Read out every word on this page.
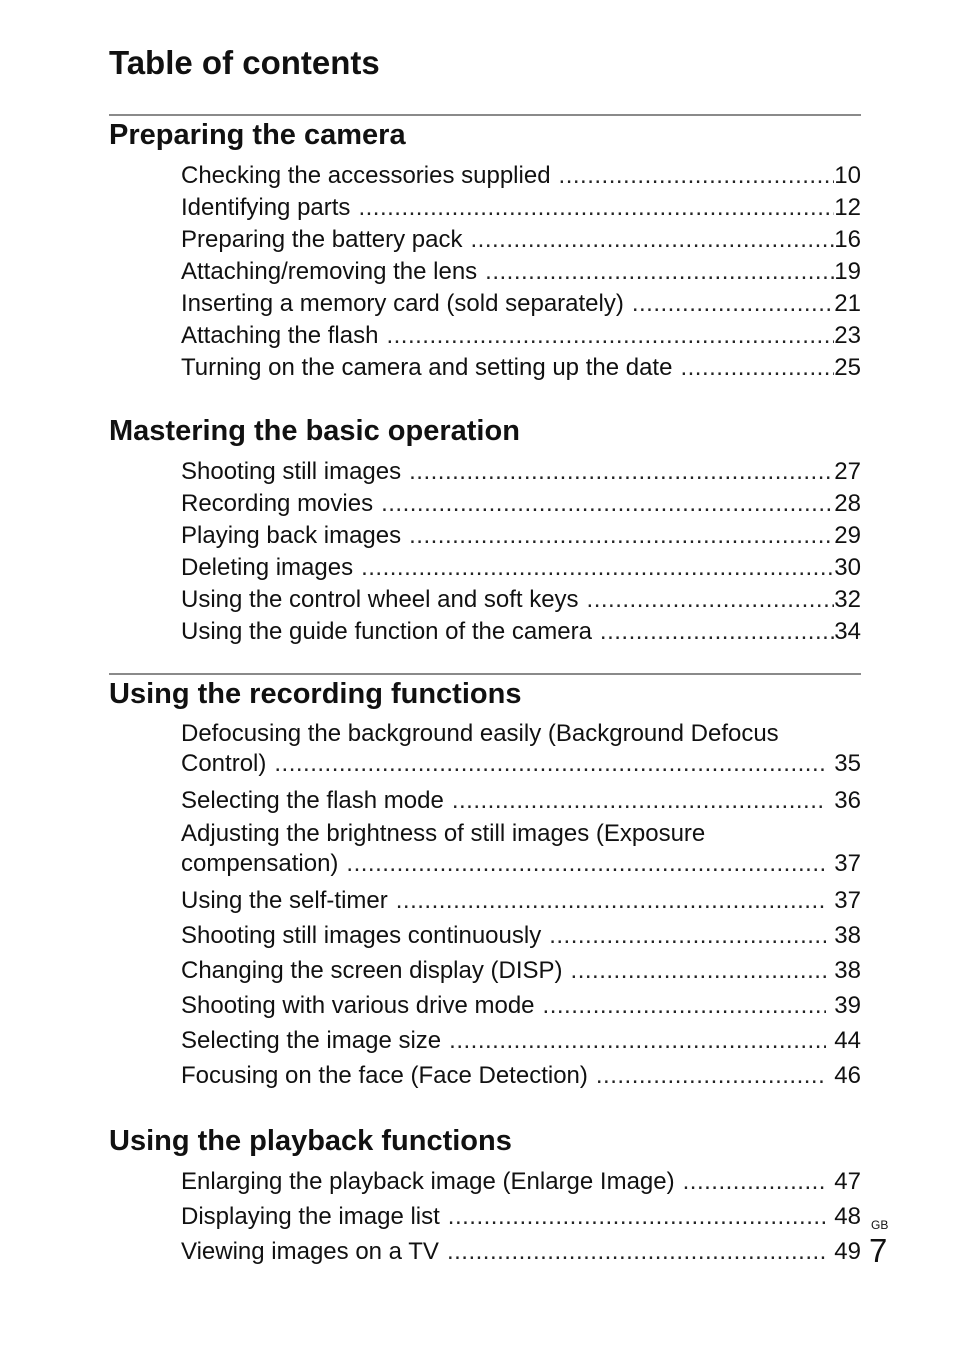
Table of contents
Preparing the camera
Checking the accessories supplied .....	10
Identifying parts .....	12
Preparing the battery pack .....	16
Attaching/removing the lens .....	19
Inserting a memory card (sold separately) .....	21
Attaching the flash .....	23
Turning on the camera and setting up the date .....	25
Mastering the basic operation
Shooting still images .....	27
Recording movies .....	28
Playing back images .....	29
Deleting images .....	30
Using the control wheel and soft keys .....	32
Using the guide function of the camera .....	34
Using the recording functions
Defocusing the background easily (Background Defocus
Control) .....	35
Selecting the flash mode .....	36
Adjusting the brightness of still images (Exposure
compensation) .....	37
Using the self-timer .....	37
Shooting still images continuously .....	38
Changing the screen display (DISP) .....	38
Shooting with various drive mode .....	39
Selecting the image size .....	44
Focusing on the face (Face Detection) .....	46
Using the playback functions
Enlarging the playback image (Enlarge Image) .....	47
Displaying the image list .....	48
Viewing images on a TV .....	49
GB
7
